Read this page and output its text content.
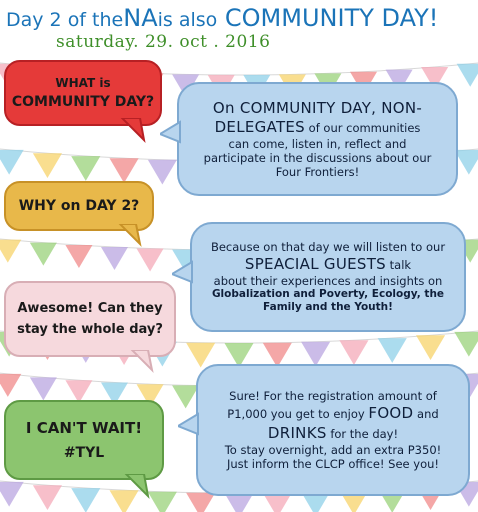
Day 2 of theNAis also COMMUNITY DAY!
saturday. 29. oct . 2016
WHAT is
COMMUNITY DAY?	On COMMUNITY DAY, NON-
DELEGATES of our communities
can come, listen in, reflect and
participate in the discussions about our
Four Frontiers!
WHY on DAY 2?
Because on that day we will listen to our
SPEACIAL GUESTS talk
about their experiences and insights on
Globalization and Poverty, Ecology, the
Family and the Youth!
Awesome! Can they
stay the whole day?
Sure! For the registration amount of
P1,000 you get to enjoy FOOD and
DRINKS for the day!
To stay overnight, add an extra P350!
Just inform the CLCP office! See you!
I CAN'T WAIT!
#TYL
